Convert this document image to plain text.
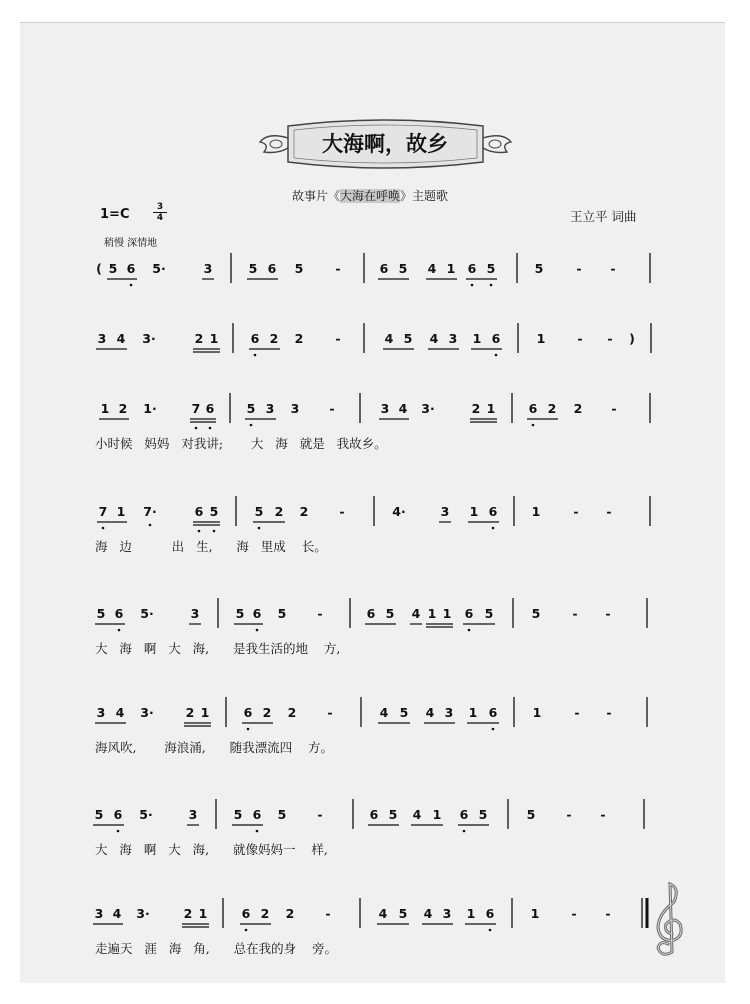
大海啊，故乡
故事片《大海在呼唤》主题歌
王立平 词曲
1=C	3
4
稍慢 深情地
( 5 6 5·	3	5 6 5	-	6 5 4 1 6 5	5	-	-
3 4 3·	2 1	6 2 2	-	4 5 4 3 1 6	1	-	-	)
1 2 1·	7 6	5 3 3	-	3 4 3·	2 1	6 2 2	-
小时候   妈妈   对我讲;       大   海   就是   我故乡。
7 1 7·	6 5	5 2 2	-	4·	3 1 6	1	-	-
海   边          出   生,      海   里成    长。
5 6 5·	3	5 6 5	-	6 5 4 1 1 6 5	5	-	-
大   海   啊   大   海,      是我生活的地    方,
3 4 3·	2 1	6 2 2	-	4 5 4 3 1 6	1	-	-
海风吹,       海浪涌,      随我漂流四    方。
5 6 5·	3	5 6 5	-	6 5 4 1 6 5	5	-	-
大   海   啊   大   海,      就像妈妈一    样,
3 4 3·	2 1	6 2 2	-	4 5 4 3 1 6	1	-	-
走遍天   涯   海   角,      总在我的身    旁。
